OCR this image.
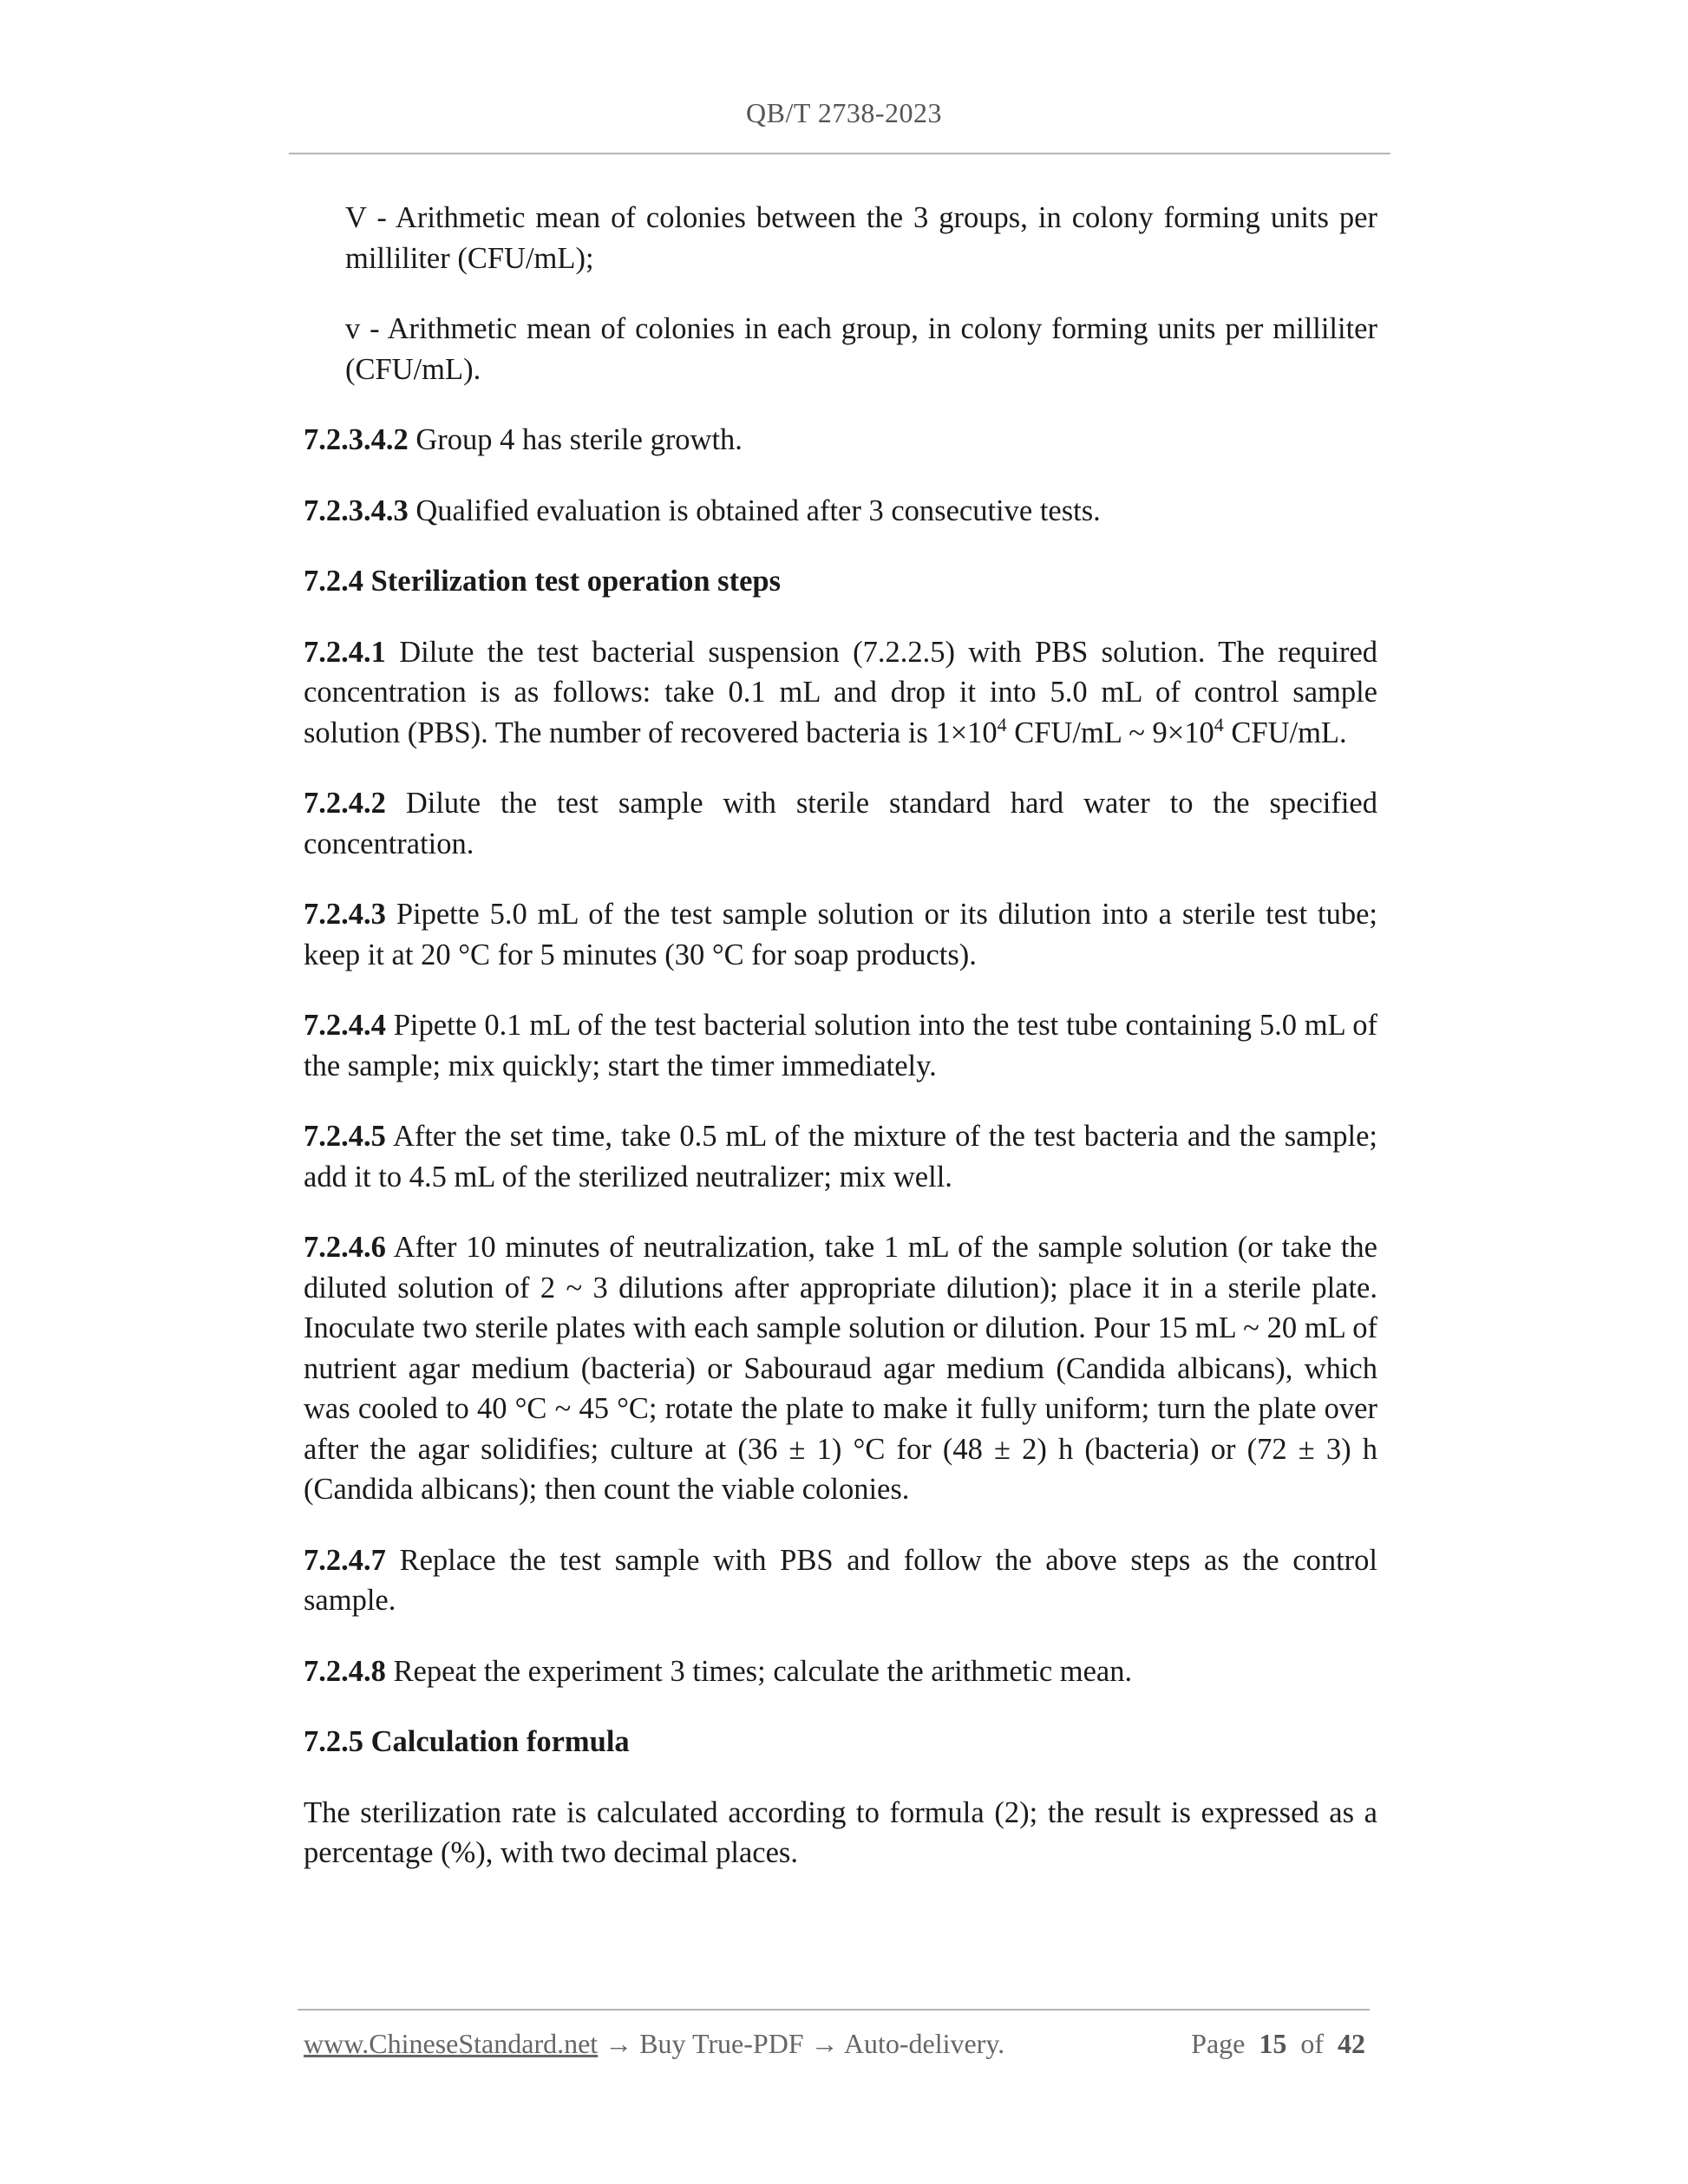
QB/T 2738-2023

V - Arithmetic mean of colonies between the 3 groups, in colony forming units per milliliter (CFU/mL);

v - Arithmetic mean of colonies in each group, in colony forming units per milliliter (CFU/mL).

7.2.3.4.2 Group 4 has sterile growth.

7.2.3.4.3 Qualified evaluation is obtained after 3 consecutive tests.

7.2.4 Sterilization test operation steps

7.2.4.1 Dilute the test bacterial suspension (7.2.2.5) with PBS solution. The required concentration is as follows: take 0.1 mL and drop it into 5.0 mL of control sample solution (PBS). The number of recovered bacteria is $1\times 10^4$ CFU/mL ~ $9\times 10^4$ CFU/mL.

7.2.4.2 Dilute the test sample with sterile standard hard water to the specified concentration.

7.2.4.3 Pipette 5.0 mL of the test sample solution or its dilution into a sterile test tube; keep it at 20 °C for 5 minutes (30 °C for soap products).

7.2.4.4 Pipette 0.1 mL of the test bacterial solution into the test tube containing 5.0 mL of the sample; mix quickly; start the timer immediately.

7.2.4.5 After the set time, take 0.5 mL of the mixture of the test bacteria and the sample; add it to 4.5 mL of the sterilized neutralizer; mix well.

7.2.4.6 After 10 minutes of neutralization, take 1 mL of the sample solution (or take the diluted solution of 2 ~ 3 dilutions after appropriate dilution); place it in a sterile plate. Inoculate two sterile plates with each sample solution or dilution. Pour 15 mL ~ 20 mL of nutrient agar medium (bacteria) or Sabouraud agar medium (Candida albicans), which was cooled to 40 °C ~ 45 °C; rotate the plate to make it fully uniform; turn the plate over after the agar solidifies; culture at (36 ± 1) °C for (48 ± 2) h (bacteria) or (72 ± 3) h (Candida albicans); then count the viable colonies.

7.2.4.7 Replace the test sample with PBS and follow the above steps as the control sample.

7.2.4.8 Repeat the experiment 3 times; calculate the arithmetic mean.

7.2.5 Calculation formula

The sterilization rate is calculated according to formula (2); the result is expressed as a percentage (%), with two decimal places.

www.ChineseStandard.net → Buy True-PDF → Auto-delivery.	Page 15 of 42
